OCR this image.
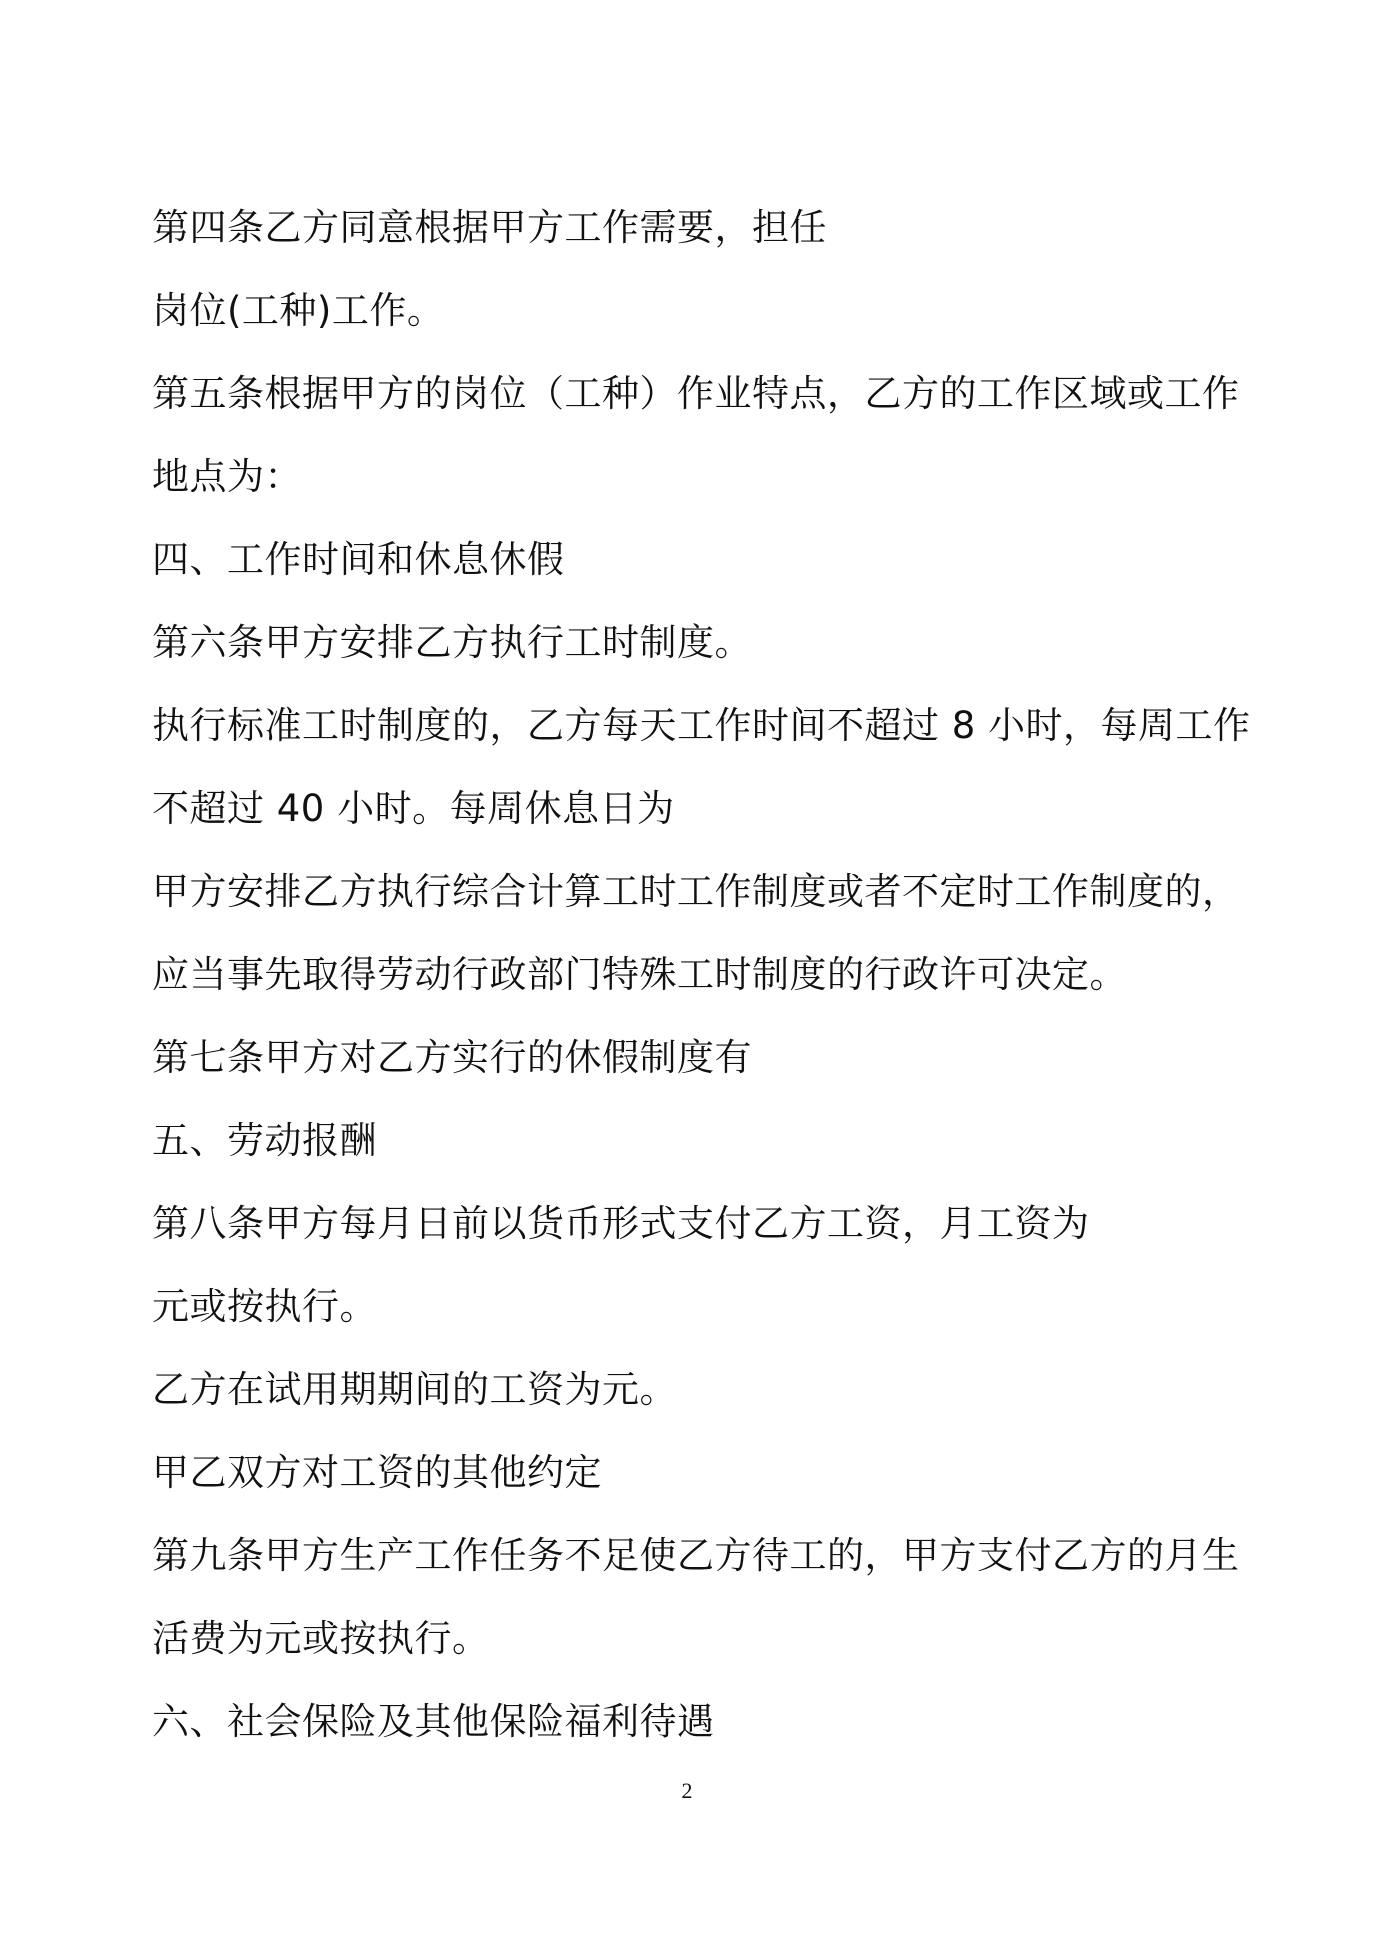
第四条乙方同意根据甲方工作需要，担任
岗位(工种)工作。
第五条根据甲方的岗位（工种）作业特点，乙方的工作区域或工作
地点为：
四、工作时间和休息休假
第六条甲方安排乙方执行工时制度。
执行标准工时制度的，乙方每天工作时间不超过 8 小时，每周工作
不超过 40 小时。每周休息日为
甲方安排乙方执行综合计算工时工作制度或者不定时工作制度的，
应当事先取得劳动行政部门特殊工时制度的行政许可决定。
第七条甲方对乙方实行的休假制度有
五、劳动报酬
第八条甲方每月日前以货币形式支付乙方工资，月工资为
元或按执行。
乙方在试用期期间的工资为元。
甲乙双方对工资的其他约定
第九条甲方生产工作任务不足使乙方待工的，甲方支付乙方的月生
活费为元或按执行。
六、社会保险及其他保险福利待遇
2
